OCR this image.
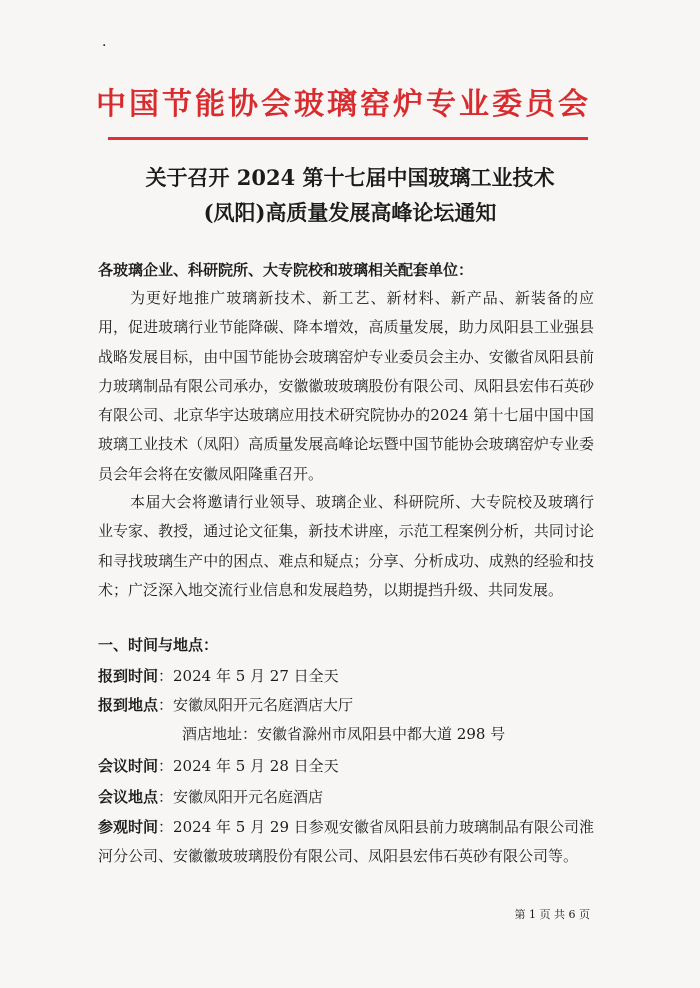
·
中国节能协会玻璃窑炉专业委员会
关于召开 2024 第十七届中国玻璃工业技术
(凤阳)高质量发展高峰论坛通知
各玻璃企业、科研院所、大专院校和玻璃相关配套单位：
为更好地推广玻璃新技术、新工艺、新材料、新产品、新装备的应用，促进玻璃行业节能降碳、降本增效，高质量发展，助力凤阳县工业强县战略发展目标，由中国节能协会玻璃窑炉专业委员会主办、安徽省凤阳县前力玻璃制品有限公司承办，安徽徽玻玻璃股份有限公司、凤阳县宏伟石英砂有限公司、北京华宇达玻璃应用技术研究院协办的2024 第十七届中国中国玻璃工业技术（凤阳）高质量发展高峰论坛暨中国节能协会玻璃窑炉专业委员会年会将在安徽凤阳隆重召开。
本届大会将邀请行业领导、玻璃企业、科研院所、大专院校及玻璃行业专家、教授，通过论文征集，新技术讲座，示范工程案例分析，共同讨论和寻找玻璃生产中的困点、难点和疑点；分享、分析成功、成熟的经验和技术；广泛深入地交流行业信息和发展趋势，以期提挡升级、共同发展。
一、时间与地点：
报到时间：2024 年 5 月 27 日全天
报到地点：安徽凤阳开元名庭酒店大厅
酒店地址：安徽省滁州市凤阳县中都大道 298 号
会议时间：2024 年 5 月 28 日全天
会议地点：安徽凤阳开元名庭酒店
参观时间：2024 年 5 月 29 日参观安徽省凤阳县前力玻璃制品有限公司淮河分公司、安徽徽玻玻璃股份有限公司、凤阳县宏伟石英砂有限公司等。
第 1 页 共 6 页
